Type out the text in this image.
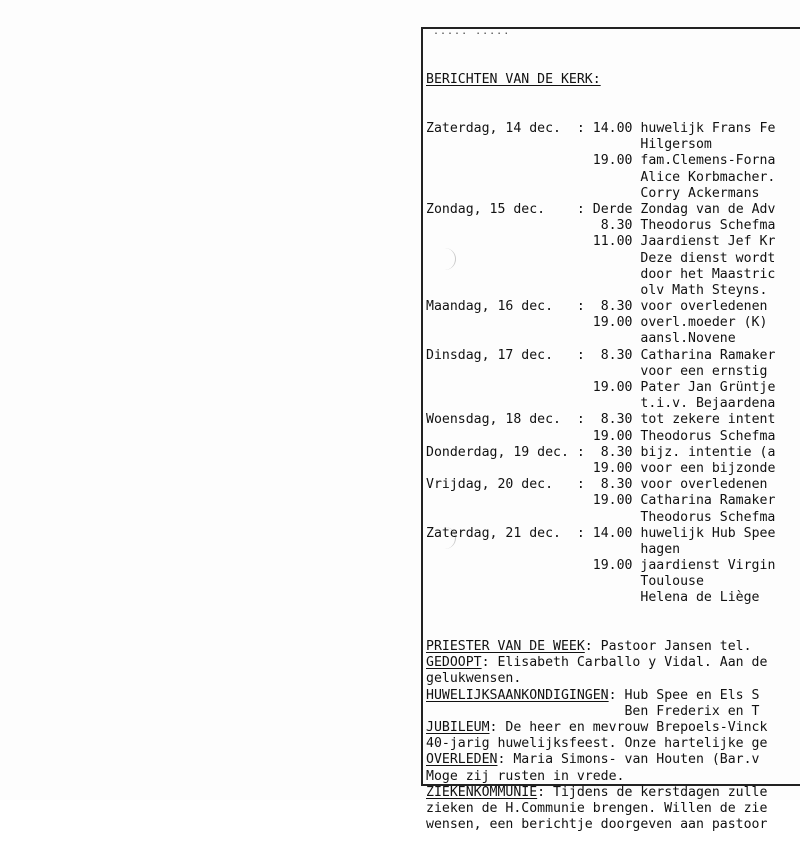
..... .....

BERICHTEN VAN DE KERK:

Zaterdag, 14 dec. : 14.00 huwelijk Frans Fe
Hilgersom
19.00 fam.Clemens-Forna
Alice Korbmacher.
Corry Ackermans
Zondag, 15 dec. : Derde Zondag van de Adv
8.30 Theodorus Schefma
11.00 Jaardienst Jef Kr
Deze dienst wordt
door het Maastric
olv Math Steyns.
Maandag, 16 dec. : 8.30 voor overledenen
19.00 overl.moeder (K)
aansl.Novene
Dinsdag, 17 dec. : 8.30 Catharina Ramaker
voor een ernstig
19.00 Pater Jan Grüntje
t.i.v. Bejaardena
Woensdag, 18 dec. : 8.30 tot zekere intent
19.00 Theodorus Schefma
Donderdag, 19 dec. : 8.30 bijz. intentie (a
19.00 voor een bijzonde
Vrijdag, 20 dec. : 8.30 voor overledenen
19.00 Catharina Ramaker
Theodorus Schefma
Zaterdag, 21 dec. : 14.00 huwelijk Hub Spee
hagen
19.00 jaardienst Virgin
Toulouse
Helena de Liège

PRIESTER VAN DE WEEK: Pastoor Jansen tel.
GEDOOPT: Elisabeth Carballo y Vidal. Aan de
gelukwensen.
HUWELIJKSAANKONDIGINGEN: Hub Spee en Els S
Ben Frederix en T
JUBILEUM: De heer en mevrouw Brepoels-Vinck
40-jarig huwelijksfeest. Onze hartelijke ge
OVERLEDEN: Maria Simons- van Houten (Bar.v
Moge zij rusten in vrede.
ZIEKENKOMMUNIE: Tijdens de kerstdagen zulle
zieken de H.Communie brengen. Willen de zie
wensen, een berichtje doorgeven aan pastoor
